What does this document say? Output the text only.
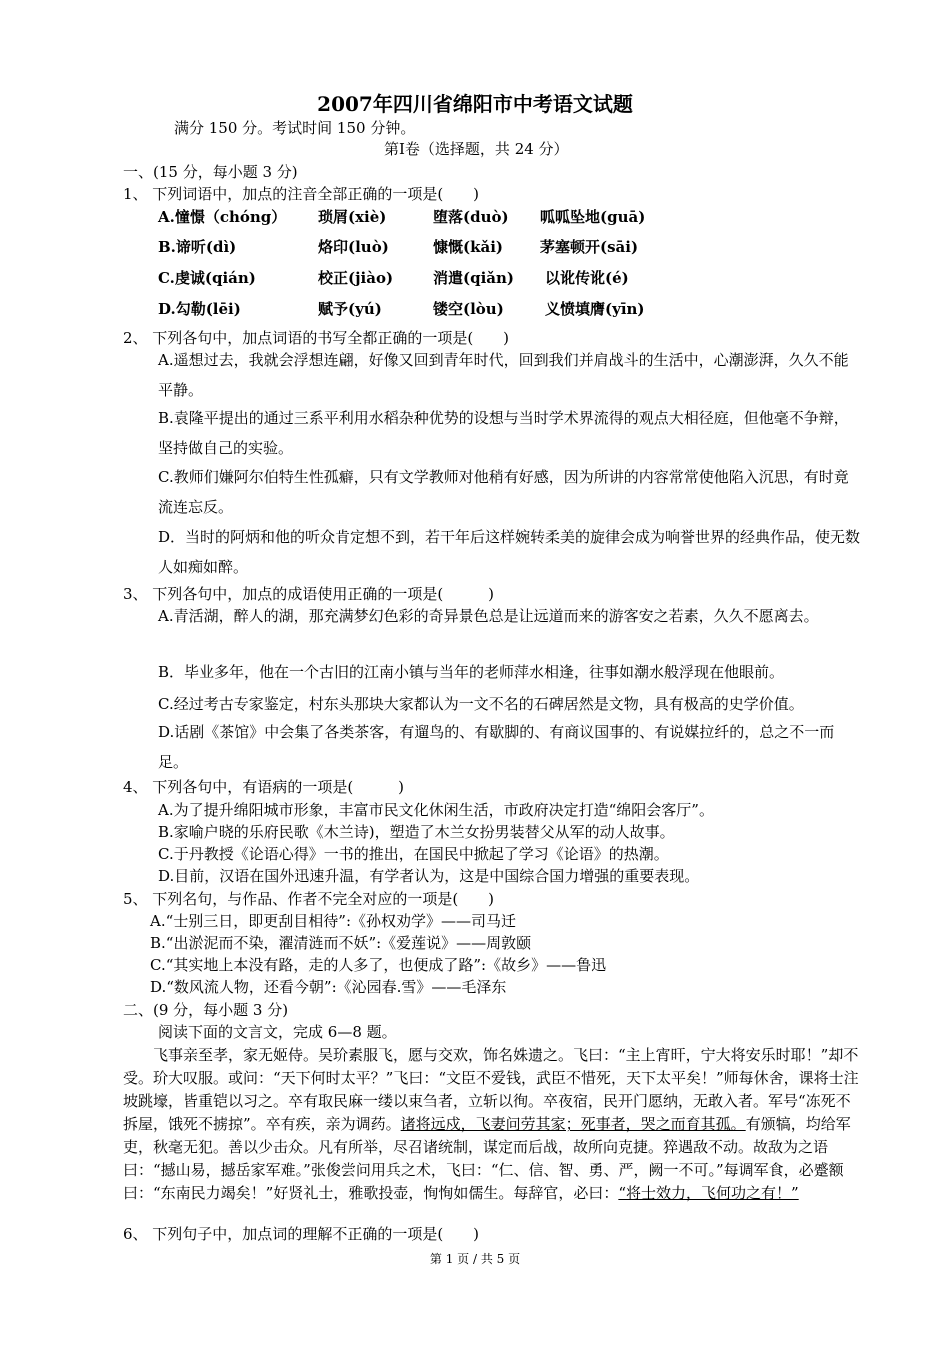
2007年四川省绵阳市中考语文试题
满分 150 分。考试时间 150 分钟。
第Ⅰ卷（选择题，共 24 分）
一、(15 分，每小题 3 分)
1、 下列词语中，加点的注音全部正确的一项是(　　)
A.憧憬（chóng） 琐屑(xiè)	堕落(duò) 呱呱坠地(guā)
B.谛听(dì)	烙印(luò)	慷慨(kǎi) 茅塞顿开(sāi)
C.虔诚(qián)	校正(jiào)	消遣(qiǎn) 以讹传讹(é)
D.勾勒(lēi)	赋予(yú)	镂空(lòu)	义愤填膺(yīn)
2、 下列各句中，加点词语的书写全都正确的一项是(　　)
A.遥想过去，我就会浮想连翩，好像又回到青年时代，回到我们并肩战斗的生活中，心潮澎湃，久久不能平静。
B.袁隆平提出的通过三系平利用水稻杂种优势的设想与当时学术界流得的观点大相径庭，但他毫不争辩，坚持做自己的实验。
C.教师们嫌阿尔伯特生性孤癖，只有文学教师对他稍有好感，因为所讲的内容常常使他陷入沉思，有时竟流连忘反。
D．当时的阿炳和他的听众肯定想不到，若干年后这样婉转柔美的旋律会成为响誉世界的经典作品，使无数人如痴如醉。
3、 下列各句中，加点的成语使用正确的一项是(　　　)
A.青活湖，醉人的湖，那充满梦幻色彩的奇异景色总是让远道而来的游客安之若素，久久不愿离去。
B．毕业多年，他在一个古旧的江南小镇与当年的老师萍水相逢，往事如潮水般浮现在他眼前。
C.经过考古专家鉴定，村东头那块大家都认为一文不名的石碑居然是文物，具有极高的史学价值。
D.话剧《茶馆》中会集了各类茶客，有遛鸟的、有歇脚的、有商议国事的、有说媒拉纤的，总之不一而足。
4、 下列各句中，有语病的一项是(　　　)
A.为了提升绵阳城市形象，丰富市民文化休闲生活，市政府决定打造“绵阳会客厅”。
B.家喻户晓的乐府民歌《木兰诗)，塑造了木兰女扮男装替父从军的动人故事。
C.于丹教授《论语心得》一书的推出，在国民中掀起了学习《论语》的热潮。
D.目前，汉语在国外迅速升温，有学者认为，这是中国综合国力增强的重要表现。
5、 下列名句，与作品、作者不完全对应的一项是(　　)
A.“士别三日，即更刮目相待”:《孙权劝学》——司马迁
B.“出淤泥而不染，濯清涟而不妖”:《爱莲说》——周敦颐
C.“其实地上本没有路，走的人多了，也便成了路”:《故乡》——鲁迅
D.“数风流人物，还看今朝”:《沁园春.雪》——毛泽东
二、(9 分，每小题 3 分)
阅读下面的文言文，完成 6—8 题。
飞事亲至孝，家无姬侍。吴玠素服飞，愿与交欢，饰名姝遗之。飞曰：“主上宵旰，宁大将安乐时耶！”却不受。玠大叹服。或问：“天下何时太平？”飞曰：“文臣不爱钱，武臣不惜死，天下太平矣！”师每休舍，课将士注坡跳壕，皆重铠以习之。卒有取民麻一缕以束刍者，立斩以徇。卒夜宿，民开门愿纳，无敢入者。军号“冻死不拆屋，饿死不掳掠”。卒有疾，亲为调药。诸将远戍，飞妻问劳其家；死事者，哭之而育其孤。有颁犒，均给军吏，秋毫无犯。善以少击众。凡有所举，尽召诸统制，谋定而后战，故所向克捷。猝遇敌不动。故敌为之语曰：“撼山易，撼岳家军难。”张俊尝问用兵之术，飞曰：“仁、信、智、勇、严，阙一不可。”每调军食，必蹙额曰：“东南民力竭矣！”好贤礼士，雅歌投壶，恂恂如儒生。每辞官，必曰：“将士效力，飞何功之有！”
6、 下列句子中，加点词的理解不正确的一项是(　　)
第 1 页 / 共 5 页
